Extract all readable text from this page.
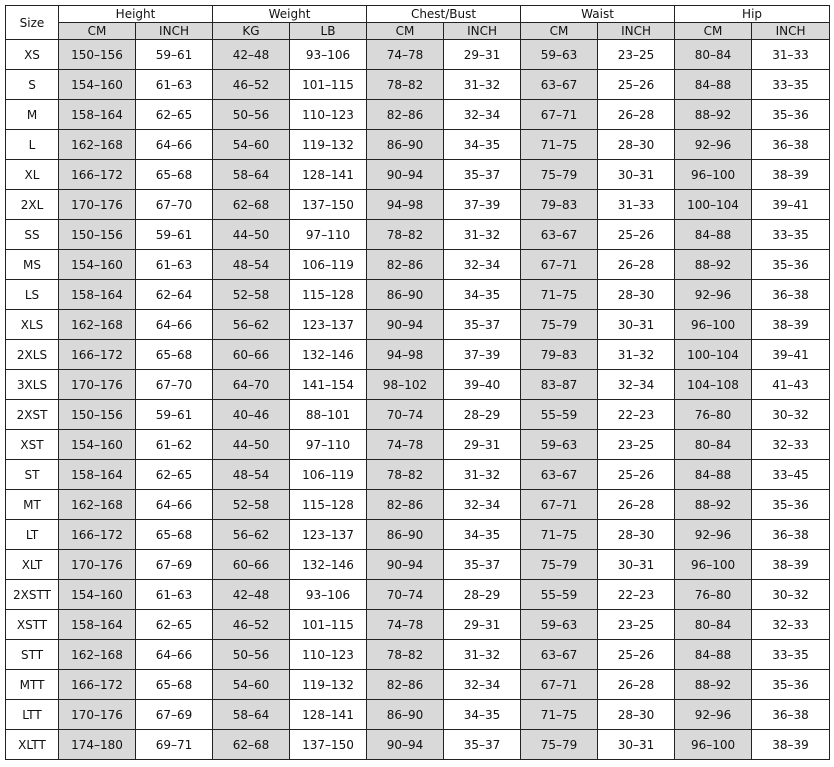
Size	Height		Weight		Chest/Bust		Waist		Hip	
	CM	INCH	KG	LB	CM	INCH	CM	INCH	CM	INCH
XS	150–156	59–61	42–48	93–106	74–78	29–31	59–63	23–25	80–84	31–33
S	154–160	61–63	46–52	101–115	78–82	31–32	63–67	25–26	84–88	33–35
M	158–164	62–65	50–56	110–123	82–86	32–34	67–71	26–28	88–92	35–36
L	162–168	64–66	54–60	119–132	86–90	34–35	71–75	28–30	92–96	36–38
XL	166–172	65–68	58–64	128–141	90–94	35–37	75–79	30–31	96–100	38–39
2XL	170–176	67–70	62–68	137–150	94–98	37–39	79–83	31–33	100–104	39–41
SS	150–156	59–61	44–50	97–110	78–82	31–32	63–67	25–26	84–88	33–35
MS	154–160	61–63	48–54	106–119	82–86	32–34	67–71	26–28	88–92	35–36
LS	158–164	62–64	52–58	115–128	86–90	34–35	71–75	28–30	92–96	36–38
XLS	162–168	64–66	56–62	123–137	90–94	35–37	75–79	30–31	96–100	38–39
2XLS	166–172	65–68	60–66	132–146	94–98	37–39	79–83	31–32	100–104	39–41
3XLS	170–176	67–70	64–70	141–154	98–102	39–40	83–87	32–34	104–108	41–43
2XST	150–156	59–61	40–46	88–101	70–74	28–29	55–59	22–23	76–80	30–32
XST	154–160	61–62	44–50	97–110	74–78	29–31	59–63	23–25	80–84	32–33
ST	158–164	62–65	48–54	106–119	78–82	31–32	63–67	25–26	84–88	33–45
MT	162–168	64–66	52–58	115–128	82–86	32–34	67–71	26–28	88–92	35–36
LT	166–172	65–68	56–62	123–137	86–90	34–35	71–75	28–30	92–96	36–38
XLT	170–176	67–69	60–66	132–146	90–94	35–37	75–79	30–31	96–100	38–39
2XSTT	154–160	61–63	42–48	93–106	70–74	28–29	55–59	22–23	76–80	30–32
XSTT	158–164	62–65	46–52	101–115	74–78	29–31	59–63	23–25	80–84	32–33
STT	162–168	64–66	50–56	110–123	78–82	31–32	63–67	25–26	84–88	33–35
MTT	166–172	65–68	54–60	119–132	82–86	32–34	67–71	26–28	88–92	35–36
LTT	170–176	67–69	58–64	128–141	86–90	34–35	71–75	28–30	92–96	36–38
XLTT	174–180	69–71	62–68	137–150	90–94	35–37	75–79	30–31	96–100	38–39
